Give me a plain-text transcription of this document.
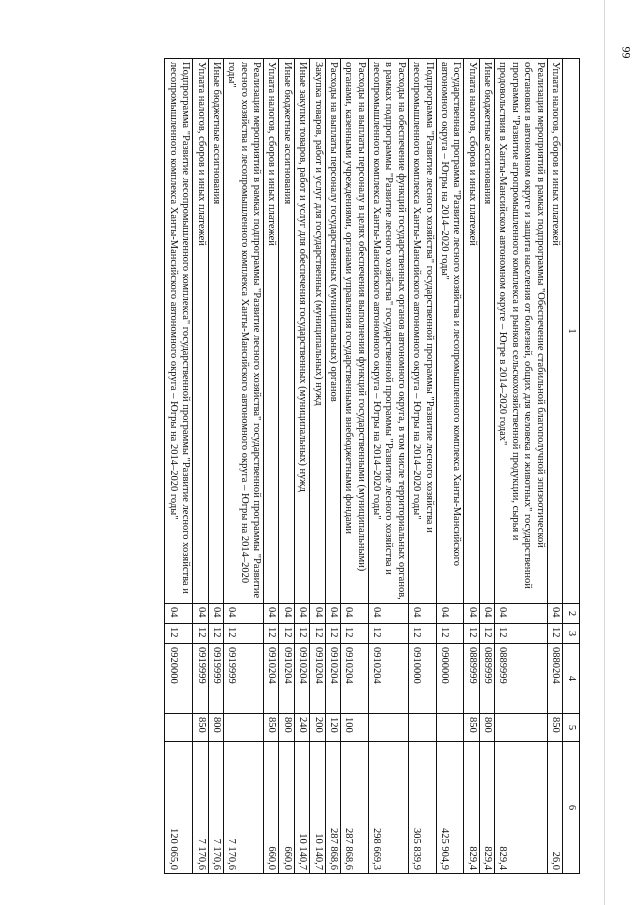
99
1	2	3	4	5	6
Уплата налогов, сборов и иных платежей	04	12	0880204	850	26,0
Реализация мероприятий в рамках подпрограммы "Обеспечение стабильной благополучной эпизоотической обстановки в автономном округе и защита населения от болезней, общих для человека и животных" государственной программы "Развитие агропромышленного комплекса и рынков сельскохозяйственной продукции, сырья и продовольствия в Ханты-Мансийском автономном округе – Югре в 2014–2020 годах"	04	12	0889999		829,4
Иные бюджетные ассигнования	04	12	0889999	800	829,4
Уплата налогов, сборов и иных платежей	04	12	0889999	850	829,4
Государственная программа "Развитие лесного хозяйства и лесопромышленного комплекса Ханты-Мансийского автономного округа – Югры на 2014–2020 годы"	04	12	0900000		425 904,9
Подпрограмма "Развитие лесного хозяйства" государственной программы "Развитие лесного хозяйства и лесопромышленного комплекса Ханты-Мансийского автономного округа – Югры на 2014–2020 годы"	04	12	0910000		305 839,9
Расходы на обеспечение функций государственных органов автономного округа, в том числе территориальных органов, в рамках подпрограммы "Развитие лесного хозяйства" государственной программы "Развитие лесного хозяйства и лесопромышленного комплекса Ханты-Мансийского автономного округа – Югры на 2014–2020 годы"	04	12	0910204		298 669,3
Расходы на выплаты персоналу в целях обеспечения выполнения функций государственными (муниципальными) органами, казенными учреждениями, органами управления государственными внебюджетными фондами	04	12	0910204	100	287 868,6
Расходы на выплаты персоналу государственных (муниципальных) органов	04	12	0910204	120	287 868,6
Закупка товаров, работ и услуг для государственных (муниципальных) нужд	04	12	0910204	200	10 140,7
Иные закупки товаров, работ и услуг для обеспечения государственных (муниципальных) нужд	04	12	0910204	240	10 140,7
Иные бюджетные ассигнования	04	12	0910204	800	660,0
Уплата налогов, сборов и иных платежей	04	12	0910204	850	660,0
Реализация мероприятий в рамках подпрограммы "Развитие лесного хозяйства" государственной программы "Развитие лесного хозяйства и лесопромышленного комплекса Ханты-Мансийского автономного округа – Югры на 2014–2020 годы"	04	12	0919999		7 170,6
Иные бюджетные ассигнования	04	12	0919999	800	7 170,6
Уплата налогов, сборов и иных платежей	04	12	0919999	850	7 170,6
Подпрограмма "Развитие лесопромышленного комплекса" государственной программы "Развитие лесного хозяйства и лесопромышленного комплекса Ханты-Мансийского автономного округа – Югры на 2014–2020 годы"	04	12	0920000		120 065,0
